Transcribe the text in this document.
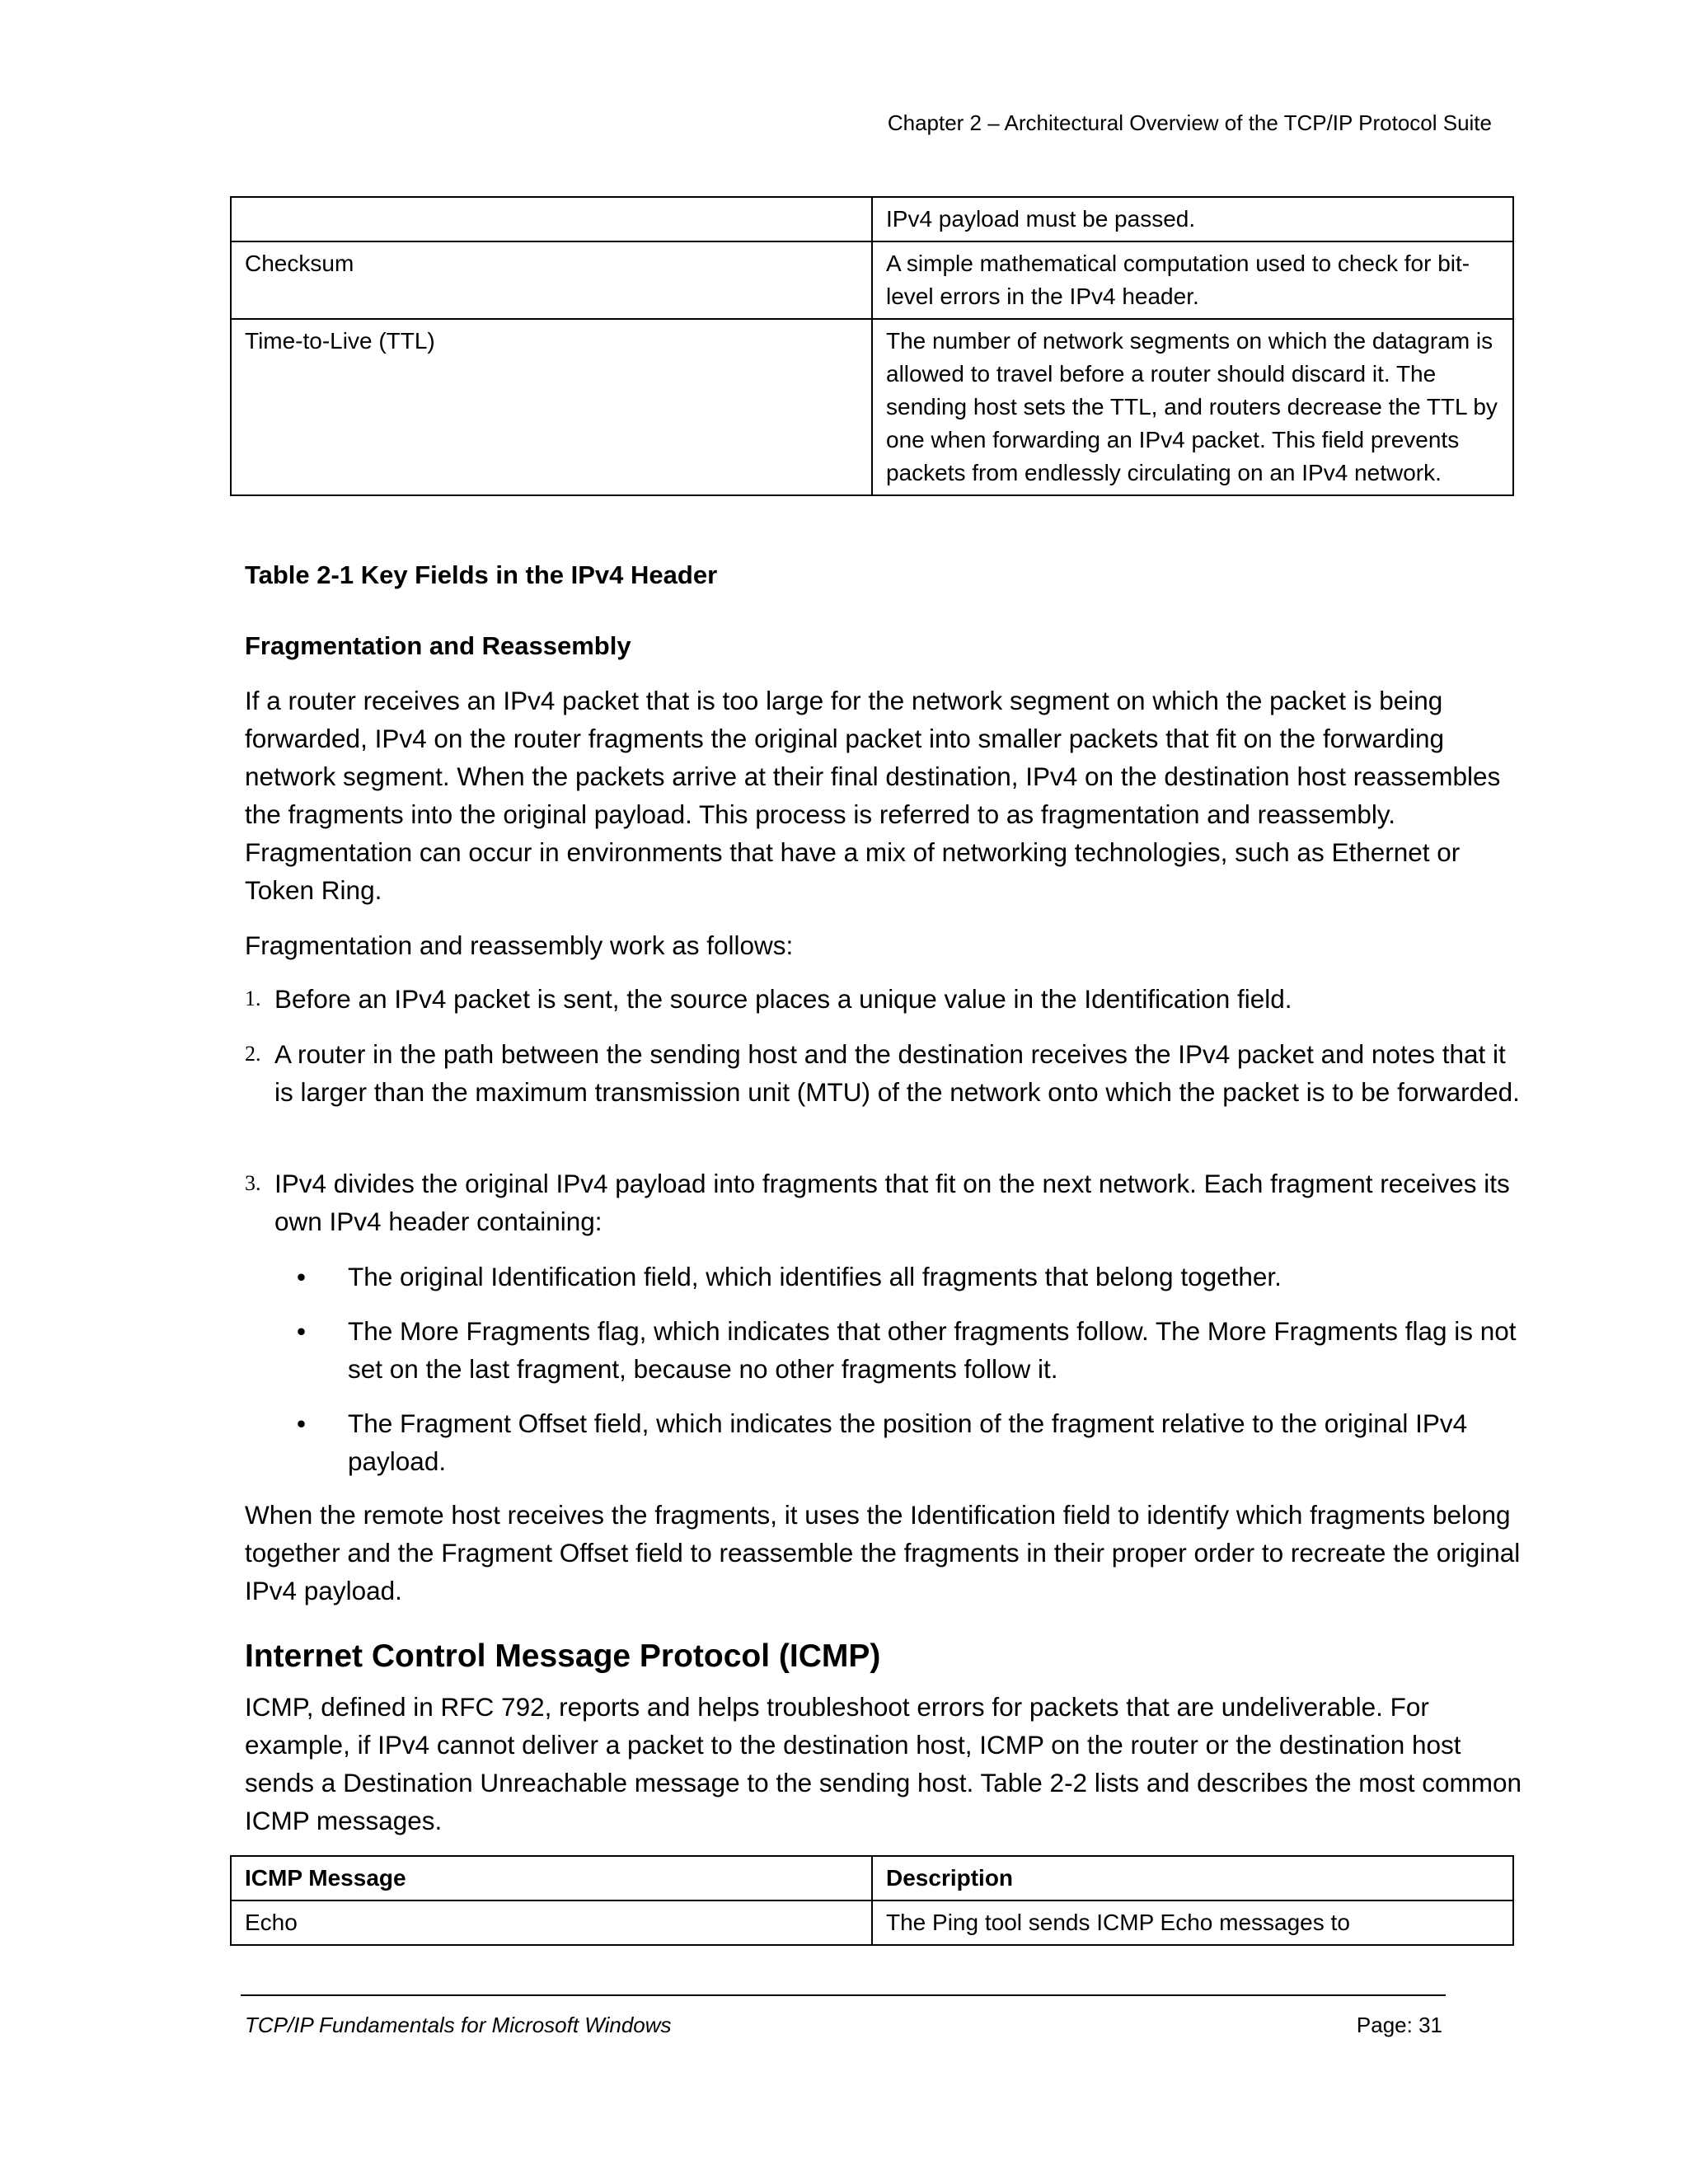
Chapter 2 – Architectural Overview of the TCP/IP Protocol Suite
	IPv4 payload must be passed.
Checksum	A simple mathematical computation used to check for bit-level errors in the IPv4 header.
Time-to-Live (TTL)	The number of network segments on which the datagram is allowed to travel before a router should discard it. The sending host sets the TTL, and routers decrease the TTL by one when forwarding an IPv4 packet. This field prevents packets from endlessly circulating on an IPv4 network.
Table 2-1 Key Fields in the IPv4 Header
Fragmentation and Reassembly
If a router receives an IPv4 packet that is too large for the network segment on which the packet is being forwarded, IPv4 on the router fragments the original packet into smaller packets that fit on the forwarding network segment. When the packets arrive at their final destination, IPv4 on the destination host reassembles the fragments into the original payload. This process is referred to as fragmentation and reassembly. Fragmentation can occur in environments that have a mix of networking technologies, such as Ethernet or Token Ring.
Fragmentation and reassembly work as follows:
1. Before an IPv4 packet is sent, the source places a unique value in the Identification field.
2. A router in the path between the sending host and the destination receives the IPv4 packet and notes that it is larger than the maximum transmission unit (MTU) of the network onto which the packet is to be forwarded.
3. IPv4 divides the original IPv4 payload into fragments that fit on the next network. Each fragment receives its own IPv4 header containing:
• The original Identification field, which identifies all fragments that belong together.
• The More Fragments flag, which indicates that other fragments follow. The More Fragments flag is not set on the last fragment, because no other fragments follow it.
• The Fragment Offset field, which indicates the position of the fragment relative to the original IPv4 payload.
When the remote host receives the fragments, it uses the Identification field to identify which fragments belong together and the Fragment Offset field to reassemble the fragments in their proper order to recreate the original IPv4 payload.
Internet Control Message Protocol (ICMP)
ICMP, defined in RFC 792, reports and helps troubleshoot errors for packets that are undeliverable. For example, if IPv4 cannot deliver a packet to the destination host, ICMP on the router or the destination host sends a Destination Unreachable message to the sending host. Table 2-2 lists and describes the most common ICMP messages.
ICMP Message	Description
Echo	The Ping tool sends ICMP Echo messages to
TCP/IP Fundamentals for Microsoft Windows	Page: 31
